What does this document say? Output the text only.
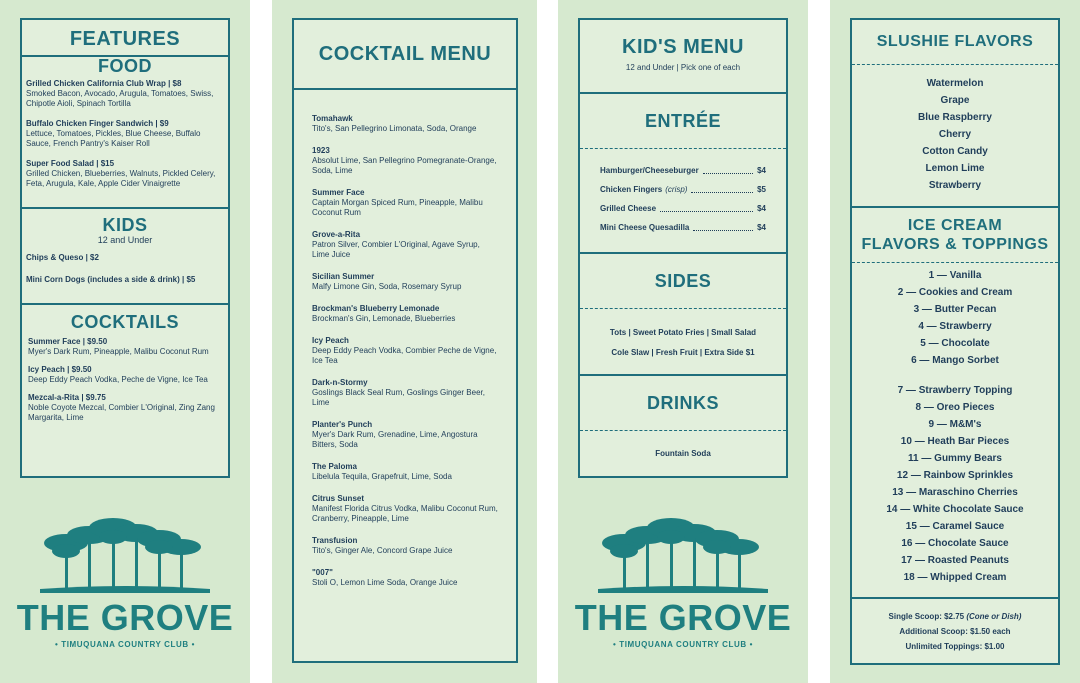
FEATURES
FOOD
Grilled Chicken California Club Wrap | $8
Smoked Bacon, Avocado, Arugula, Tomatoes, Swiss, Chipotle Aioli, Spinach Tortilla
Buffalo Chicken Finger Sandwich | $9
Lettuce, Tomatoes, Pickles, Blue Cheese, Buffalo Sauce, French Pantry's Kaiser Roll
Super Food Salad | $15
Grilled Chicken, Blueberries, Walnuts, Pickled Celery, Feta, Arugula, Kale, Apple Cider Vinaigrette
KIDS
12 and Under
Chips & Queso | $2
Mini Corn Dogs (includes a side & drink) | $5
COCKTAILS
Summer Face | $9.50
Myer's Dark Rum, Pineapple, Malibu Coconut Rum
Icy Peach | $9.50
Deep Eddy Peach Vodka, Peche de Vigne, Ice Tea
Mezcal-a-Rita | $9.75
Noble Coyote Mezcal, Combier L'Original, Zing Zang Margarita, Lime
THE GROVE
• TIMUQUANA COUNTRY CLUB •
COCKTAIL MENU
Tomahawk
Tito's, San Pellegrino Limonata, Soda, Orange
1923
Absolut Lime, San Pellegrino Pomegranate-Orange, Soda, Lime
Summer Face
Captain Morgan Spiced Rum, Pineapple, Malibu Coconut Rum
Grove-a-Rita
Patron Silver, Combier L'Original, Agave Syrup, Lime Juice
Sicilian Summer
Malfy Limone Gin, Soda, Rosemary Syrup
Brockman's Blueberry Lemonade
Brockman's Gin, Lemonade, Blueberries
Icy Peach
Deep Eddy Peach Vodka, Combier Peche de Vigne, Ice Tea
Dark-n-Stormy
Goslings Black Seal Rum, Goslings Ginger Beer, Lime
Planter's Punch
Myer's Dark Rum, Grenadine, Lime, Angostura Bitters, Soda
The Paloma
Libelula Tequila, Grapefruit, Lime, Soda
Citrus Sunset
Manifest Florida Citrus Vodka, Malibu Coconut Rum, Cranberry, Pineapple, Lime
Transfusion
Tito's, Ginger Ale, Concord Grape Juice
"007"
Stoli O, Lemon Lime Soda, Orange Juice
KID'S MENU
12 and Under | Pick one of each
ENTRÉE
Hamburger/Cheeseburger	$4
Chicken Fingers (crisp)	$5
Grilled Cheese	$4
Mini Cheese Quesadilla	$4
SIDES
Tots | Sweet Potato Fries | Small Salad
Cole Slaw | Fresh Fruit | Extra Side $1
DRINKS
Fountain Soda
THE GROVE
• TIMUQUANA COUNTRY CLUB •
SLUSHIE FLAVORS
Watermelon
Grape
Blue Raspberry
Cherry
Cotton Candy
Lemon Lime
Strawberry
ICE CREAM
FLAVORS & TOPPINGS
1 — Vanilla
2 — Cookies and Cream
3 — Butter Pecan
4 — Strawberry
5 — Chocolate
6 — Mango Sorbet
7 — Strawberry Topping
8 — Oreo Pieces
9 — M&M's
10 — Heath Bar Pieces
11 — Gummy Bears
12 — Rainbow Sprinkles
13 — Maraschino Cherries
14 — White Chocolate Sauce
15 — Caramel Sauce
16 — Chocolate Sauce
17 — Roasted Peanuts
18 — Whipped Cream
Single Scoop: $2.75 (Cone or Dish)
Additional Scoop: $1.50 each
Unlimited Toppings: $1.00
